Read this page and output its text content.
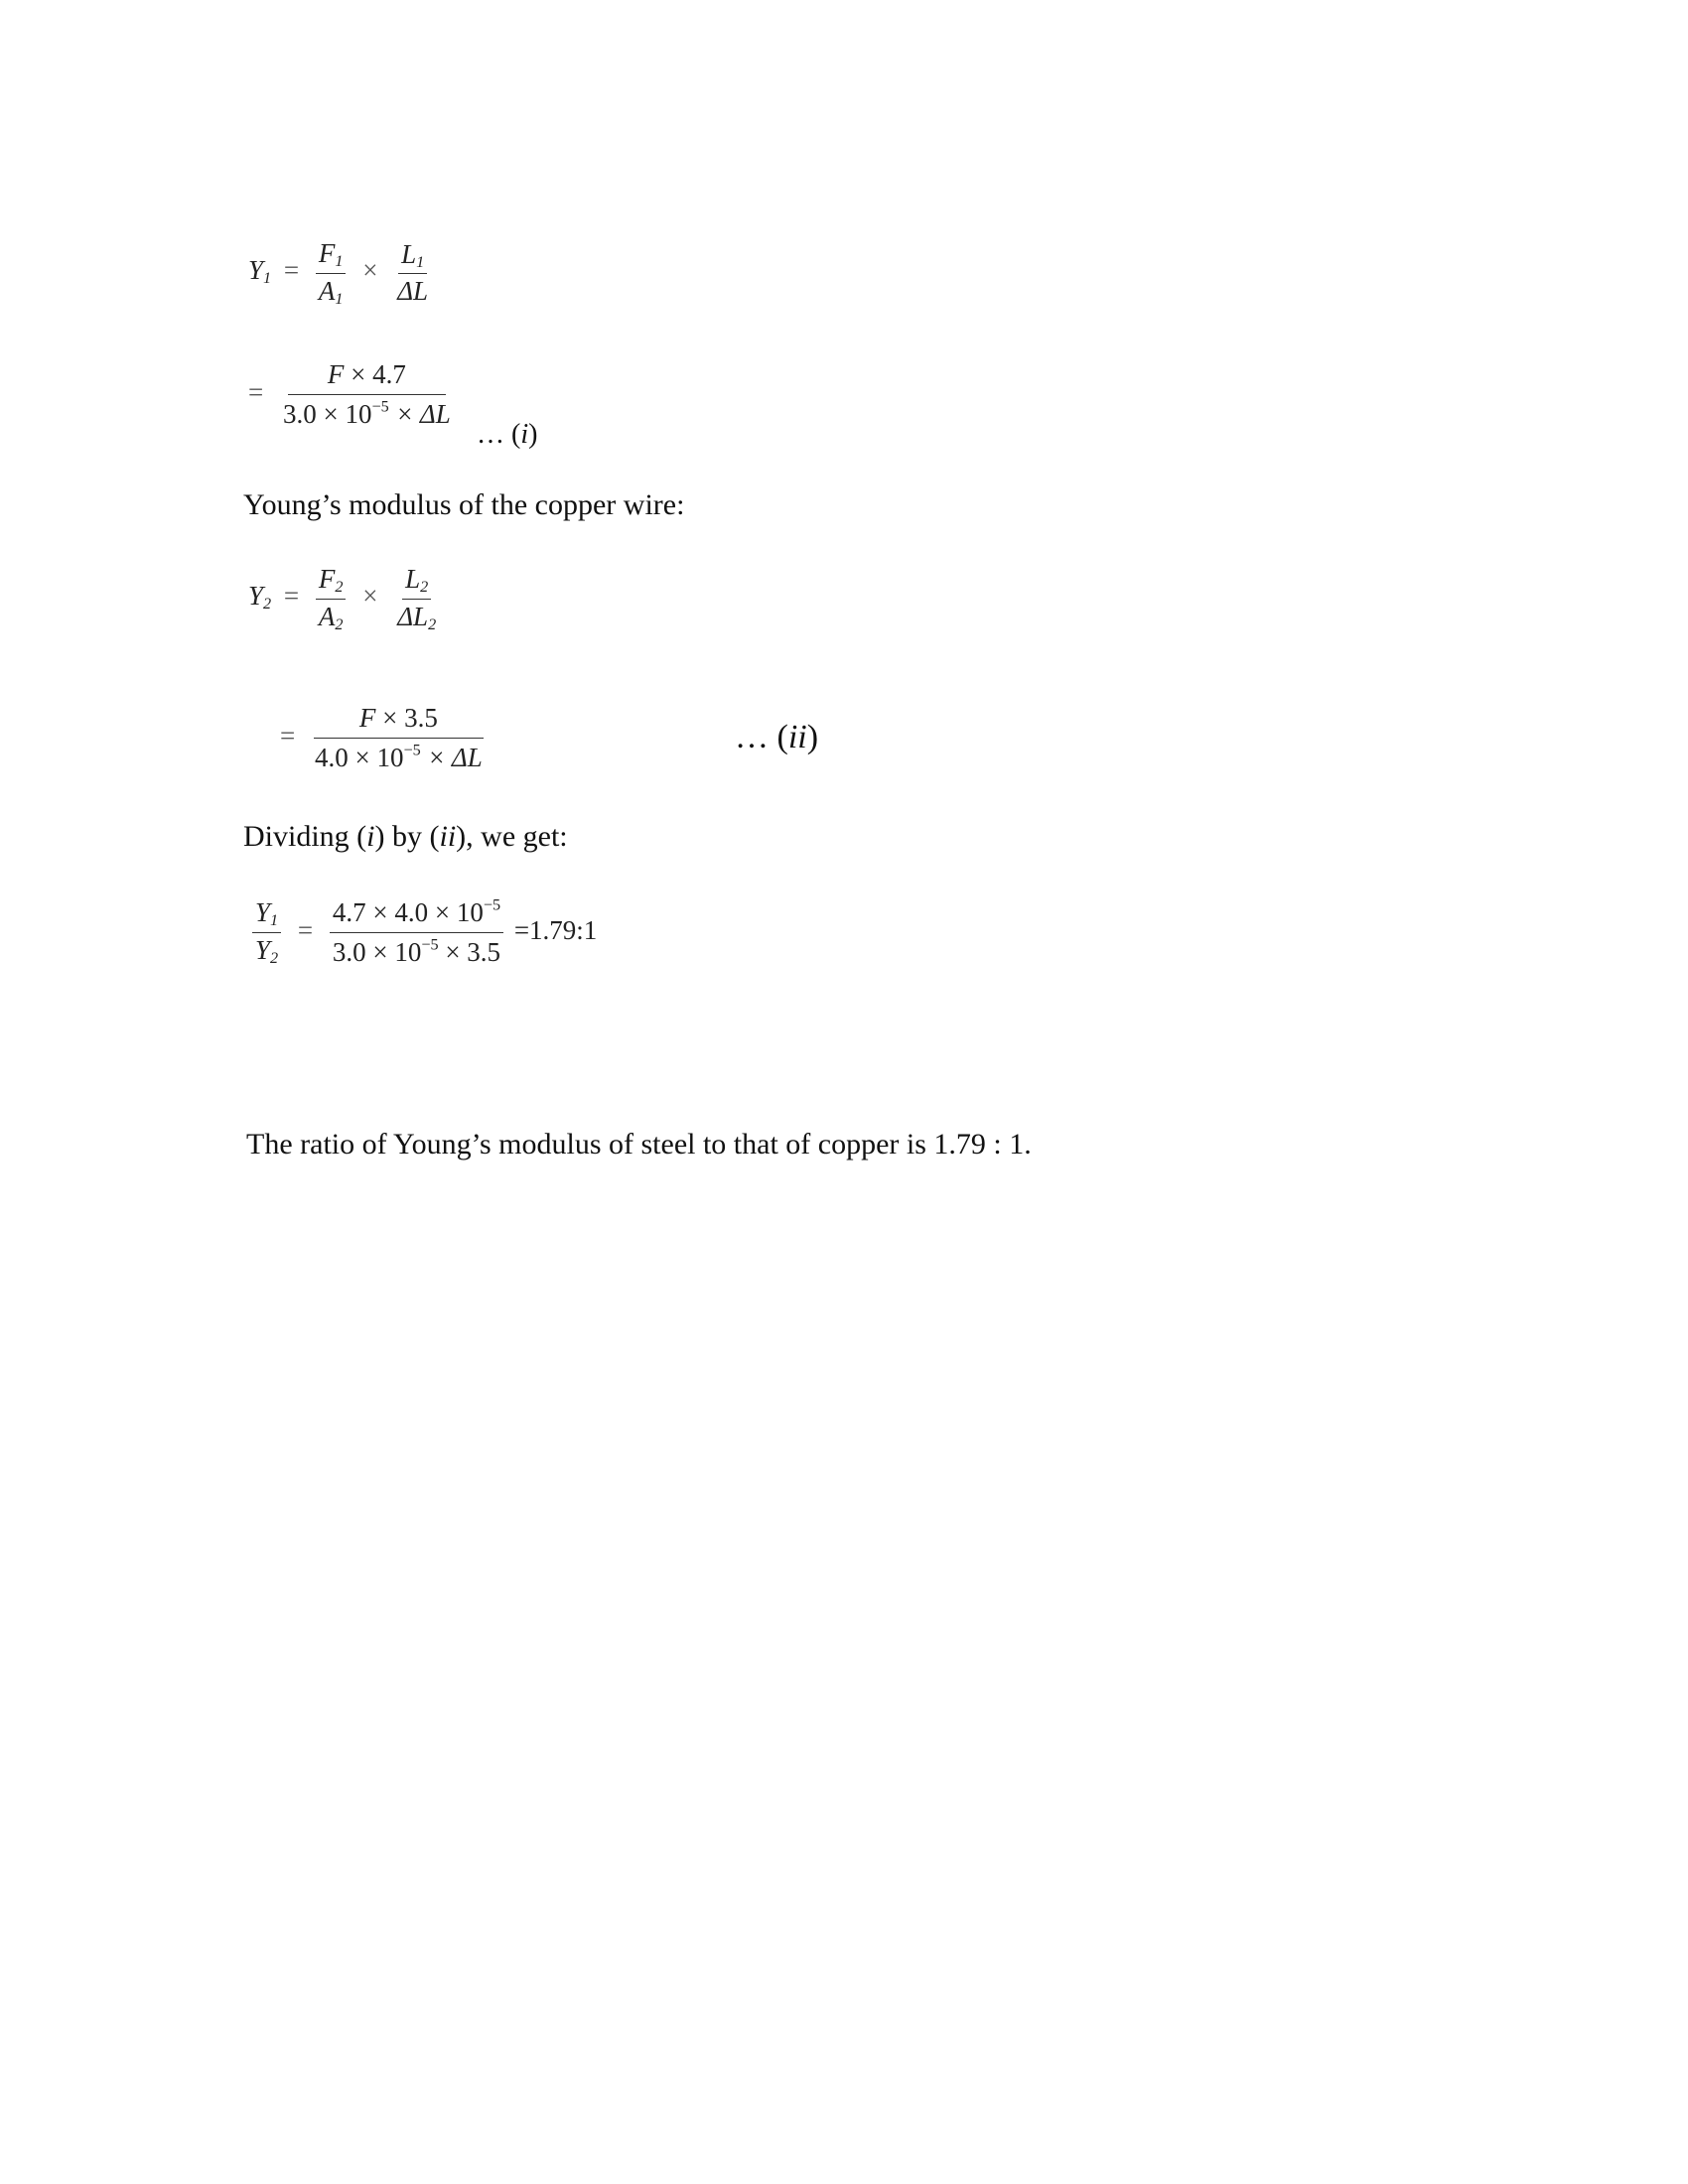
$Y_1 = \frac{F_1}{A_1} \times \frac{L_1}{\Delta L}$
= $\frac{F \times 4.7}{3.0 \times 10^{-5} \times \Delta L}$
… (i)
Young’s modulus of the copper wire:
$Y_2 = \frac{F_2}{A_2} \times \frac{L_2}{\Delta L_2}$
= $\frac{F \times 3.5}{4.0 \times 10^{-5} \times \Delta L}$	… (ii)
Dividing (i) by (ii), we get:
$\frac{Y_1}{Y_2} = \frac{4.7 \times 4.0 \times 10^{-5}}{3.0 \times 10^{-5} \times 3.5}$ =1.79:1
The ratio of Young’s modulus of steel to that of copper is 1.79 : 1.
